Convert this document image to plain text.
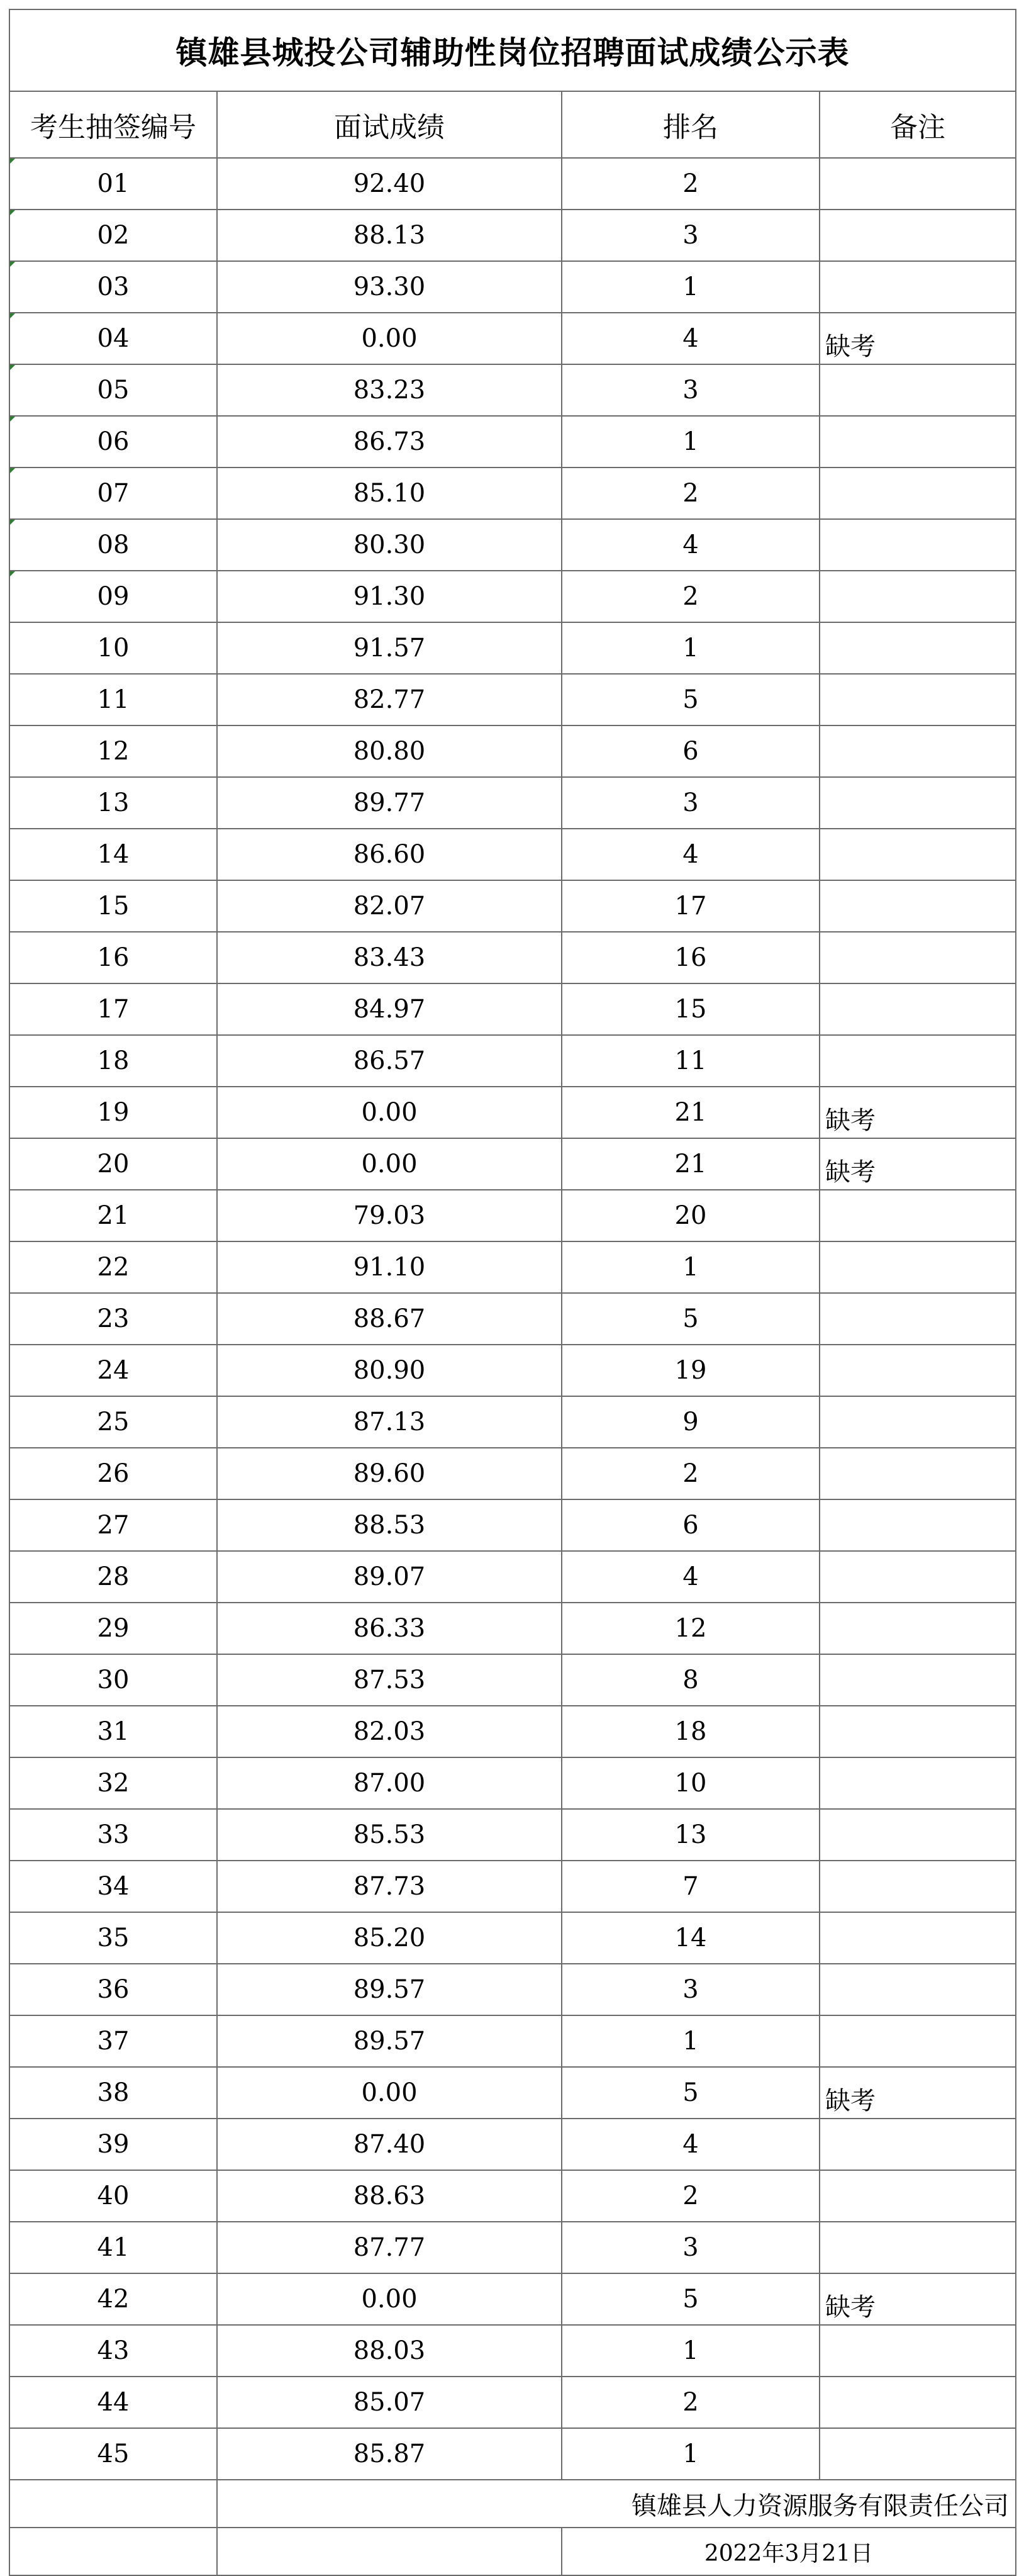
镇雄县城投公司辅助性岗位招聘面试成绩公示表			
考生抽签编号	面试成绩	排名	备注
01	92.40	2	
02	88.13	3	
03	93.30	1	
04	0.00	4	缺考
05	83.23	3	
06	86.73	1	
07	85.10	2	
08	80.30	4	
09	91.30	2	
10	91.57	1	
11	82.77	5	
12	80.80	6	
13	89.77	3	
14	86.60	4	
15	82.07	17	
16	83.43	16	
17	84.97	15	
18	86.57	11	
19	0.00	21	缺考
20	0.00	21	缺考
21	79.03	20	
22	91.10	1	
23	88.67	5	
24	80.90	19	
25	87.13	9	
26	89.60	2	
27	88.53	6	
28	89.07	4	
29	86.33	12	
30	87.53	8	
31	82.03	18	
32	87.00	10	
33	85.53	13	
34	87.73	7	
35	85.20	14	
36	89.57	3	
37	89.57	1	
38	0.00	5	缺考
39	87.40	4	
40	88.63	2	
41	87.77	3	
42	0.00	5	缺考
43	88.03	1	
44	85.07	2	
45	85.87	1	
	镇雄县人力资源服务有限责任公司		
		2022年3月21日	
